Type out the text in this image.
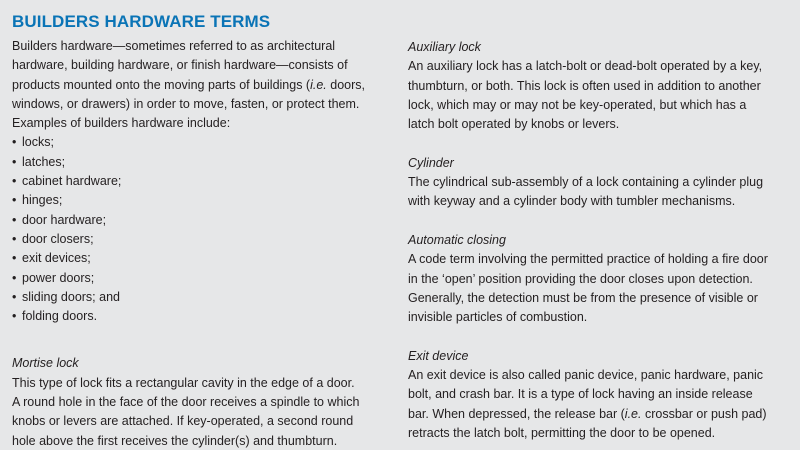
BUILDERS HARDWARE TERMS

Builders hardware—sometimes referred to as architectural

hardware, building hardware, or finish hardware—consists of

products mounted onto the moving parts of buildings (i.e. doors,

windows, or drawers) in order to move, fasten, or protect them.

Examples of builders hardware include:

• locks;
• latches;
• cabinet hardware;
• hinges;
• door hardware;
• door closers;
• exit devices;
• power doors;
• sliding doors; and
• folding doors.

Mortise lock

This type of lock fits a rectangular cavity in the edge of a door.

A round hole in the face of the door receives a spindle to which

knobs or levers are attached. If key-operated, a second round

hole above the first receives the cylinder(s) and thumbturn.

Auxiliary lock

An auxiliary lock has a latch-bolt or dead-bolt operated by a key,

thumbturn, or both. This lock is often used in addition to another

lock, which may or may not be key-operated, but which has a

latch bolt operated by knobs or levers.

Cylinder

The cylindrical sub-assembly of a lock containing a cylinder plug

with keyway and a cylinder body with tumbler mechanisms.

Automatic closing

A code term involving the permitted practice of holding a fire door

in the ‘open’ position providing the door closes upon detection.

Generally, the detection must be from the presence of visible or

invisible particles of combustion.

Exit device

An exit device is also called panic device, panic hardware, panic

bolt, and crash bar. It is a type of lock having an inside release

bar. When depressed, the release bar (i.e. crossbar or push pad)

retracts the latch bolt, permitting the door to be opened.
